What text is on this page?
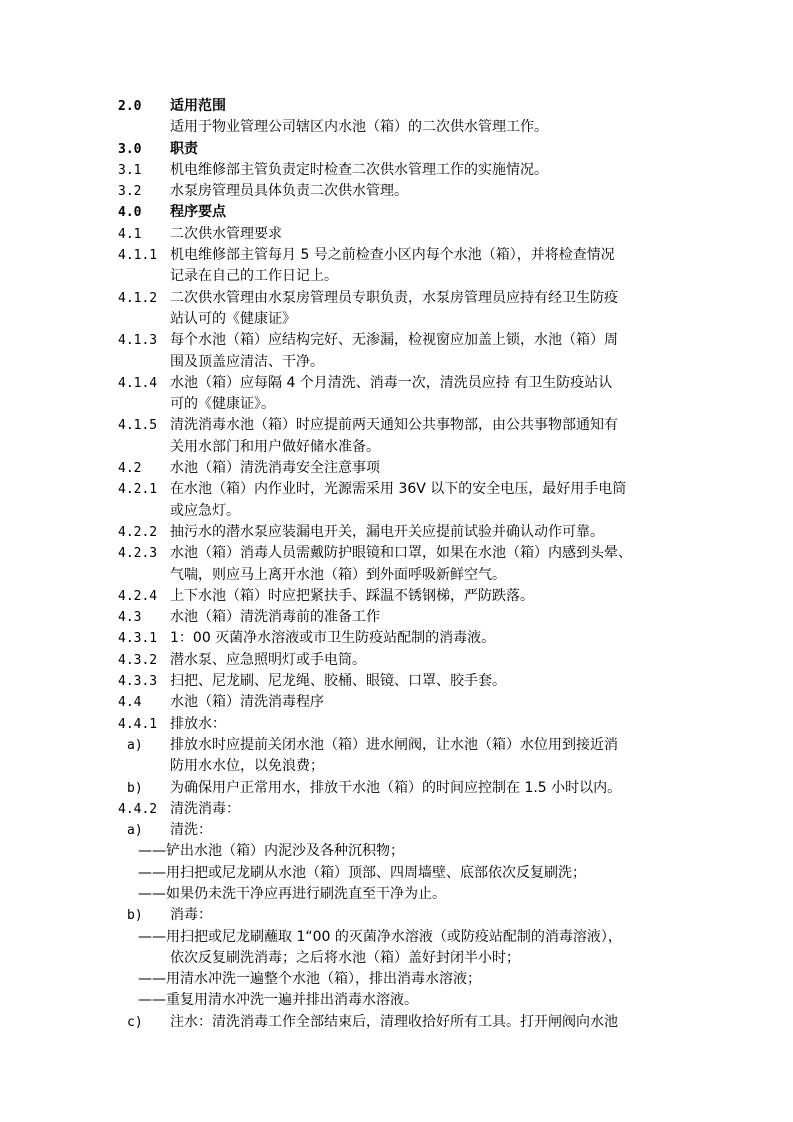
2.0 适用范围
适用于物业管理公司辖区内水池（箱）的二次供水管理工作。
3.0 职责
3.1 机电维修部主管负责定时检查二次供水管理工作的实施情况。
3.2 水泵房管理员具体负责二次供水管理。
4.0 程序要点
4.1 二次供水管理要求
4.1.1 机电维修部主管每月 5 号之前检查小区内每个水池（箱），并将检查情况
记录在自己的工作日记上。
4.1.2 二次供水管理由水泵房管理员专职负责，水泵房管理员应持有经卫生防疫
站认可的《健康证》
4.1.3 每个水池（箱）应结构完好、无渗漏，检视窗应加盖上锁，水池（箱）周
围及顶盖应清洁、干净。
4.1.4 水池（箱）应每隔 4 个月清洗、消毒一次，清洗员应持 有卫生防疫站认
可的《健康证》。
4.1.5 清洗消毒水池（箱）时应提前两天通知公共事物部，由公共事物部通知有
关用水部门和用户做好储水准备。
4.2 水池（箱）清洗消毒安全注意事项
4.2.1 在水池（箱）内作业时，光源需采用 36V 以下的安全电压，最好用手电筒
或应急灯。
4.2.2 抽污水的潜水泵应装漏电开关，漏电开关应提前试验并确认动作可靠。
4.2.3 水池（箱）消毒人员需戴防护眼镜和口罩，如果在水池（箱）内感到头晕、
气喘，则应马上离开水池（箱）到外面呼吸新鲜空气。
4.2.4 上下水池（箱）时应把紧扶手、踩温不锈钢梯，严防跌落。
4.3 水池（箱）清洗消毒前的准备工作
4.3.1 1：00 灭菌净水溶液或市卫生防疫站配制的消毒液。
4.3.2 潜水泵、应急照明灯或手电筒。
4.3.3 扫把、尼龙刷、尼龙绳、胶桶、眼镜、口罩、胶手套。
4.4 水池（箱）清洗消毒程序
4.4.1 排放水：
a) 排放水时应提前关闭水池（箱）进水闸阀，让水池（箱）水位用到接近消
防用水水位，以免浪费；
b) 为确保用户正常用水，排放干水池（箱）的时间应控制在 1.5 小时以内。
4.4.2 清洗消毒：
a) 清洗：
——铲出水池（箱）内泥沙及各种沉积物；
——用扫把或尼龙刷从水池（箱）顶部、四周墙壁、底部依次反复刷洗；
——如果仍未洗干净应再进行刷洗直至干净为止。
b) 消毒：
——用扫把或尼龙刷蘸取 1“00 的灭菌净水溶液（或防疫站配制的消毒溶液），
依次反复刷洗消毒；之后将水池（箱）盖好封闭半小时；
——用清水冲洗一遍整个水池（箱），排出消毒水溶液；
——重复用清水冲洗一遍并排出消毒水溶液。
c) 注水：清洗消毒工作全部结束后，清理收拾好所有工具。打开闸阀向水池
